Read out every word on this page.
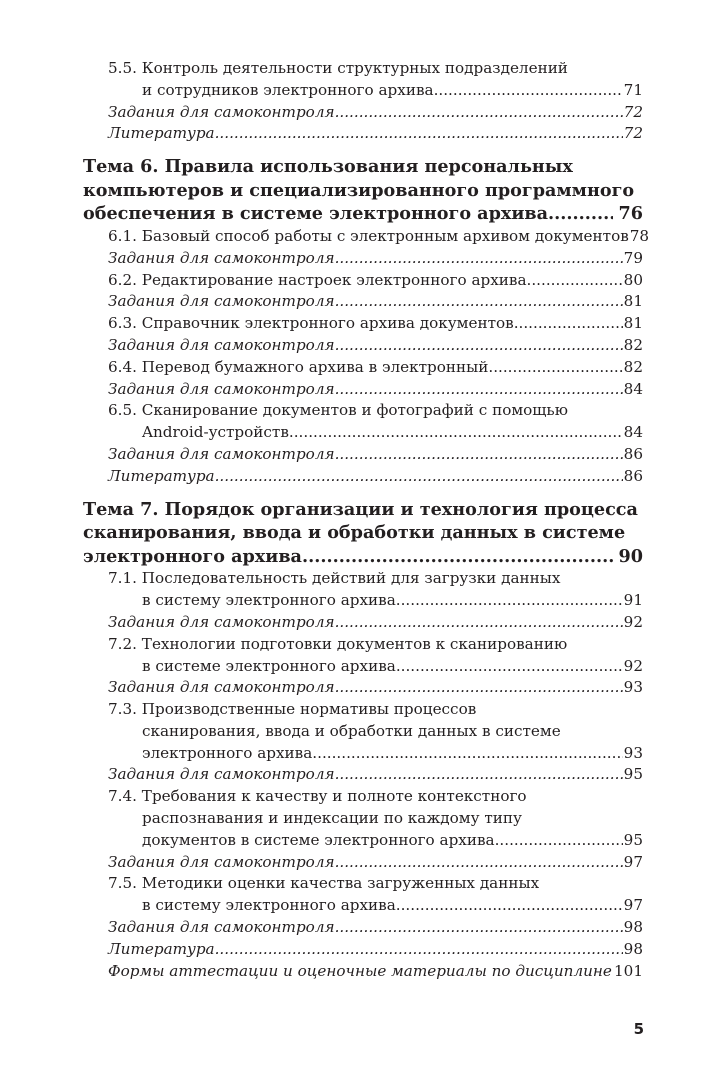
5.5. Контроль деятельности структурных подразделений
и сотрудников электронного архива .....	71
Задания для самоконтроля .....	72
Литература .....	72
Тема 6. Правила использования персональных
компьютеров и специализированного программного
обеспечения в системе электронного архива .....	76
6.1. Базовый способ работы с электронным архивом документов 78
Задания для самоконтроля .....	79
6.2. Редактирование настроек электронного архива .....	80
Задания для самоконтроля .....	81
6.3. Справочник электронного архива документов .....	81
Задания для самоконтроля .....	82
6.4. Перевод бумажного архива в электронный .....	82
Задания для самоконтроля .....	84
6.5. Сканирование документов и фотографий с помощью
Android-устройств .....	84
Задания для самоконтроля .....	86
Литература .....	86
Тема 7. Порядок организации и технология процесса
сканирования, ввода и обработки данных в системе
электронного архива .....	90
7.1. Последовательность действий для загрузки данных
в систему электронного архива .....	91
Задания для самоконтроля .....	92
7.2. Технологии подготовки документов к сканированию
в системе электронного архива .....	92
Задания для самоконтроля .....	93
7.3. Производственные нормативы процессов
сканирования, ввода и обработки данных в системе
электронного архива .....	93
Задания для самоконтроля .....	95
7.4. Требования к качеству и полноте контекстного
распознавания и индексации по каждому типу
документов в системе электронного архива .....	95
Задания для самоконтроля .....	97
7.5. Методики оценки качества загруженных данных
в систему электронного архива .....	97
Задания для самоконтроля .....	98
Литература .....	98
Формы аттестации и оценочные материалы по дисциплине ..... 101
5
